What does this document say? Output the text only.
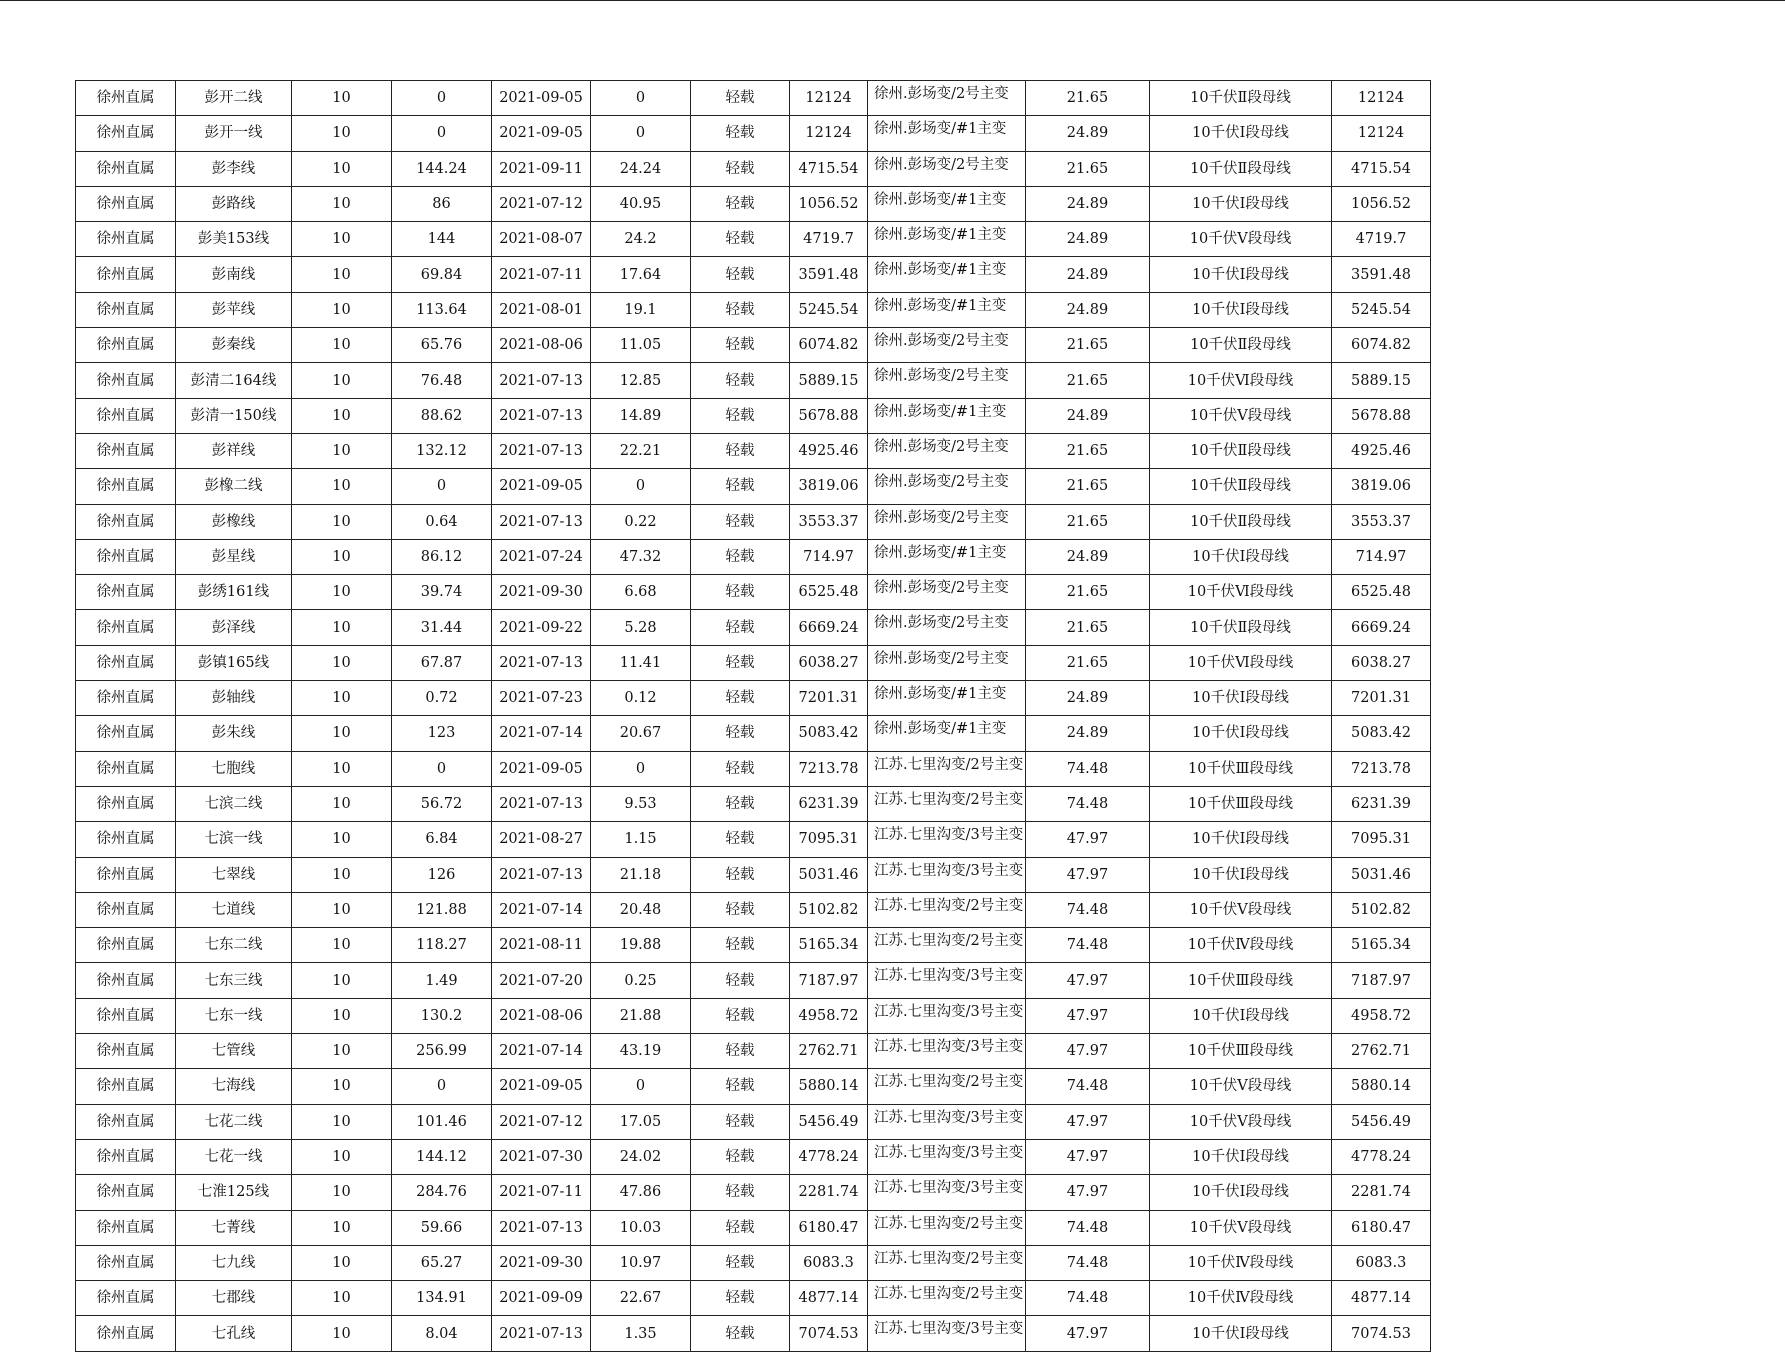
徐州直属	彭开二线	10	0	2021-09-05	0	轻载	12124	徐州.彭场变/2号主变	21.65	10千伏Ⅱ段母线	12124
徐州直属	彭开一线	10	0	2021-09-05	0	轻载	12124	徐州.彭场变/#1主变	24.89	10千伏Ⅰ段母线	12124
徐州直属	彭李线	10	144.24	2021-09-11	24.24	轻载	4715.54	徐州.彭场变/2号主变	21.65	10千伏Ⅱ段母线	4715.54
徐州直属	彭路线	10	86	2021-07-12	40.95	轻载	1056.52	徐州.彭场变/#1主变	24.89	10千伏Ⅰ段母线	1056.52
徐州直属	彭美153线	10	144	2021-08-07	24.2	轻载	4719.7	徐州.彭场变/#1主变	24.89	10千伏Ⅴ段母线	4719.7
徐州直属	彭南线	10	69.84	2021-07-11	17.64	轻载	3591.48	徐州.彭场变/#1主变	24.89	10千伏Ⅰ段母线	3591.48
徐州直属	彭苹线	10	113.64	2021-08-01	19.1	轻载	5245.54	徐州.彭场变/#1主变	24.89	10千伏Ⅰ段母线	5245.54
徐州直属	彭秦线	10	65.76	2021-08-06	11.05	轻载	6074.82	徐州.彭场变/2号主变	21.65	10千伏Ⅱ段母线	6074.82
徐州直属	彭清二164线	10	76.48	2021-07-13	12.85	轻载	5889.15	徐州.彭场变/2号主变	21.65	10千伏Ⅵ段母线	5889.15
徐州直属	彭清一150线	10	88.62	2021-07-13	14.89	轻载	5678.88	徐州.彭场变/#1主变	24.89	10千伏Ⅴ段母线	5678.88
徐州直属	彭祥线	10	132.12	2021-07-13	22.21	轻载	4925.46	徐州.彭场变/2号主变	21.65	10千伏Ⅱ段母线	4925.46
徐州直属	彭橡二线	10	0	2021-09-05	0	轻载	3819.06	徐州.彭场变/2号主变	21.65	10千伏Ⅱ段母线	3819.06
徐州直属	彭橡线	10	0.64	2021-07-13	0.22	轻载	3553.37	徐州.彭场变/2号主变	21.65	10千伏Ⅱ段母线	3553.37
徐州直属	彭星线	10	86.12	2021-07-24	47.32	轻载	714.97	徐州.彭场变/#1主变	24.89	10千伏Ⅰ段母线	714.97
徐州直属	彭绣161线	10	39.74	2021-09-30	6.68	轻载	6525.48	徐州.彭场变/2号主变	21.65	10千伏Ⅵ段母线	6525.48
徐州直属	彭泽线	10	31.44	2021-09-22	5.28	轻载	6669.24	徐州.彭场变/2号主变	21.65	10千伏Ⅱ段母线	6669.24
徐州直属	彭镇165线	10	67.87	2021-07-13	11.41	轻载	6038.27	徐州.彭场变/2号主变	21.65	10千伏Ⅵ段母线	6038.27
徐州直属	彭轴线	10	0.72	2021-07-23	0.12	轻载	7201.31	徐州.彭场变/#1主变	24.89	10千伏Ⅰ段母线	7201.31
徐州直属	彭朱线	10	123	2021-07-14	20.67	轻载	5083.42	徐州.彭场变/#1主变	24.89	10千伏Ⅰ段母线	5083.42
徐州直属	七胞线	10	0	2021-09-05	0	轻载	7213.78	江苏.七里沟变/2号主变	74.48	10千伏Ⅲ段母线	7213.78
徐州直属	七滨二线	10	56.72	2021-07-13	9.53	轻载	6231.39	江苏.七里沟变/2号主变	74.48	10千伏Ⅲ段母线	6231.39
徐州直属	七滨一线	10	6.84	2021-08-27	1.15	轻载	7095.31	江苏.七里沟变/3号主变	47.97	10千伏Ⅰ段母线	7095.31
徐州直属	七翠线	10	126	2021-07-13	21.18	轻载	5031.46	江苏.七里沟变/3号主变	47.97	10千伏Ⅰ段母线	5031.46
徐州直属	七道线	10	121.88	2021-07-14	20.48	轻载	5102.82	江苏.七里沟变/2号主变	74.48	10千伏Ⅴ段母线	5102.82
徐州直属	七东二线	10	118.27	2021-08-11	19.88	轻载	5165.34	江苏.七里沟变/2号主变	74.48	10千伏Ⅳ段母线	5165.34
徐州直属	七东三线	10	1.49	2021-07-20	0.25	轻载	7187.97	江苏.七里沟变/3号主变	47.97	10千伏Ⅲ段母线	7187.97
徐州直属	七东一线	10	130.2	2021-08-06	21.88	轻载	4958.72	江苏.七里沟变/3号主变	47.97	10千伏Ⅰ段母线	4958.72
徐州直属	七管线	10	256.99	2021-07-14	43.19	轻载	2762.71	江苏.七里沟变/3号主变	47.97	10千伏Ⅲ段母线	2762.71
徐州直属	七海线	10	0	2021-09-05	0	轻载	5880.14	江苏.七里沟变/2号主变	74.48	10千伏Ⅴ段母线	5880.14
徐州直属	七花二线	10	101.46	2021-07-12	17.05	轻载	5456.49	江苏.七里沟变/3号主变	47.97	10千伏Ⅴ段母线	5456.49
徐州直属	七花一线	10	144.12	2021-07-30	24.02	轻载	4778.24	江苏.七里沟变/3号主变	47.97	10千伏Ⅰ段母线	4778.24
徐州直属	七淮125线	10	284.76	2021-07-11	47.86	轻载	2281.74	江苏.七里沟变/3号主变	47.97	10千伏Ⅰ段母线	2281.74
徐州直属	七菁线	10	59.66	2021-07-13	10.03	轻载	6180.47	江苏.七里沟变/2号主变	74.48	10千伏Ⅴ段母线	6180.47
徐州直属	七九线	10	65.27	2021-09-30	10.97	轻载	6083.3	江苏.七里沟变/2号主变	74.48	10千伏Ⅳ段母线	6083.3
徐州直属	七郡线	10	134.91	2021-09-09	22.67	轻载	4877.14	江苏.七里沟变/2号主变	74.48	10千伏Ⅳ段母线	4877.14
徐州直属	七孔线	10	8.04	2021-07-13	1.35	轻载	7074.53	江苏.七里沟变/3号主变	47.97	10千伏Ⅰ段母线	7074.53
